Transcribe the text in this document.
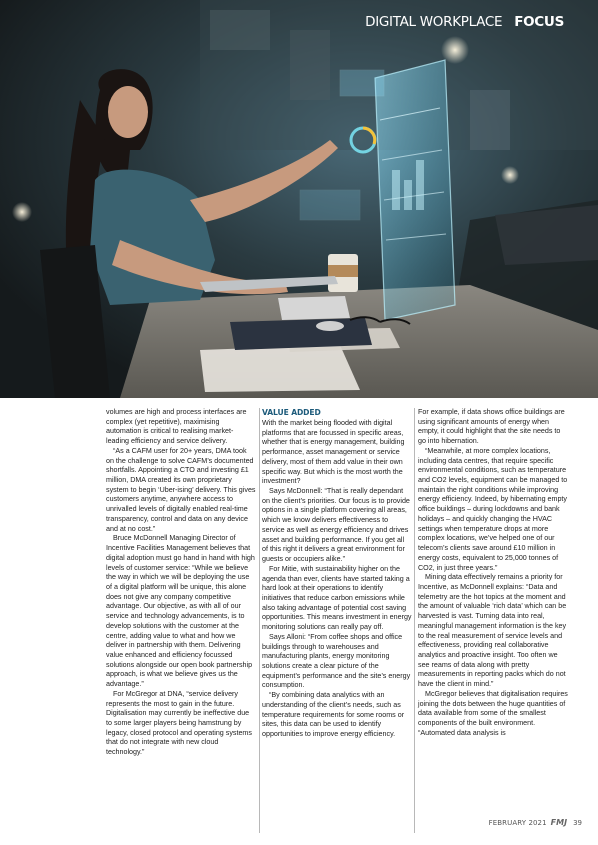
DIGITAL WORKPLACE FOCUS

volumes are high and process interfaces are complex (yet repetitive), maximising automation is critical to realising market-leading efficiency and service delivery.

“As a CAFM user for 20+ years, DMA took on the challenge to solve CAFM’s documented shortfalls. Appointing a CTO and investing £1 million, DMA created its own proprietary system to begin ‘Uber-ising’ delivery. This gives customers anytime, anywhere access to unrivalled levels of digitally enabled real-time transparency, control and data on any device and at no cost.”

Bruce McDonnell Managing Director of Incentive Facilities Management believes that digital adoption must go hand in hand with high levels of customer service: “While we believe the way in which we will be deploying the use of a digital platform will be unique, this alone does not give any company competitive advantage. Our objective, as with all of our service and technology advancements, is to develop solutions with the customer at the centre, adding value to what and how we deliver in partnership with them. Delivering value enhanced and efficiency focussed solutions alongside our open book partnership approach, is what we believe gives us the advantage.”

For McGregor at DNA, “service delivery represents the most to gain in the future. Digitalisation may currently be ineffective due to some larger players being hamstrung by legacy, closed protocol and operating systems that do not integrate with new cloud technology.”

VALUE ADDED

With the market being flooded with digital platforms that are focussed in specific areas, whether that is energy management, building performance, asset management or service delivery, most of them add value in their own specific way. But which is the most worth the investment?

Says McDonnell: “That is really dependant on the client’s priorities. Our focus is to provide options in a single platform covering all areas, which we know delivers effectiveness to service as well as energy efficiency and drives asset and building performance. If you get all of this right it delivers a great environment for guests or occupiers alike.”

For Mitie, with sustainability higher on the agenda than ever, clients have started taking a hard look at their operations to identify initiatives that reduce carbon emissions while also taking advantage of potential cost saving opportunities. This means investment in energy monitoring solutions can really pay off.

Says Alloni: “From coffee shops and office buildings through to warehouses and manufacturing plants, energy monitoring solutions create a clear picture of the equipment’s performance and the site’s energy consumption.

“By combining data analytics with an understanding of the client’s needs, such as temperature requirements for some rooms or sites, this data can be used to identify opportunities to improve energy efficiency.

For example, if data shows office buildings are using significant amounts of energy when empty, it could highlight that the site needs to go into hibernation.

“Meanwhile, at more complex locations, including data centres, that require specific environmental conditions, such as temperature and CO2 levels, equipment can be managed to maintain the right conditions while improving energy efficiency. Indeed, by hibernating empty office buildings – during lockdowns and bank holidays – and quickly changing the HVAC settings when temperature drops at more complex locations, we’ve helped one of our telecom’s clients save around £10 million in energy costs, equivalent to 25,000 tonnes of CO2, in just three years.”

Mining data effectively remains a priority for Incentive, as McDonnell explains: “Data and telemetry are the hot topics at the moment and the amount of valuable ‘rich data’ which can be harvested is vast. Turning data into real, meaningful management information is the key to the real measurement of service levels and effectiveness, providing real collaborative analytics and proactive insight. Too often we see reams of data along with pretty measurements in reporting packs which do not have the client in mind.”

McGregor believes that digitalisation requires joining the dots between the huge quantities of data available from some of the smallest components of the built environment. “Automated data analysis is

FEBRUARY 2021 FMJ 39
